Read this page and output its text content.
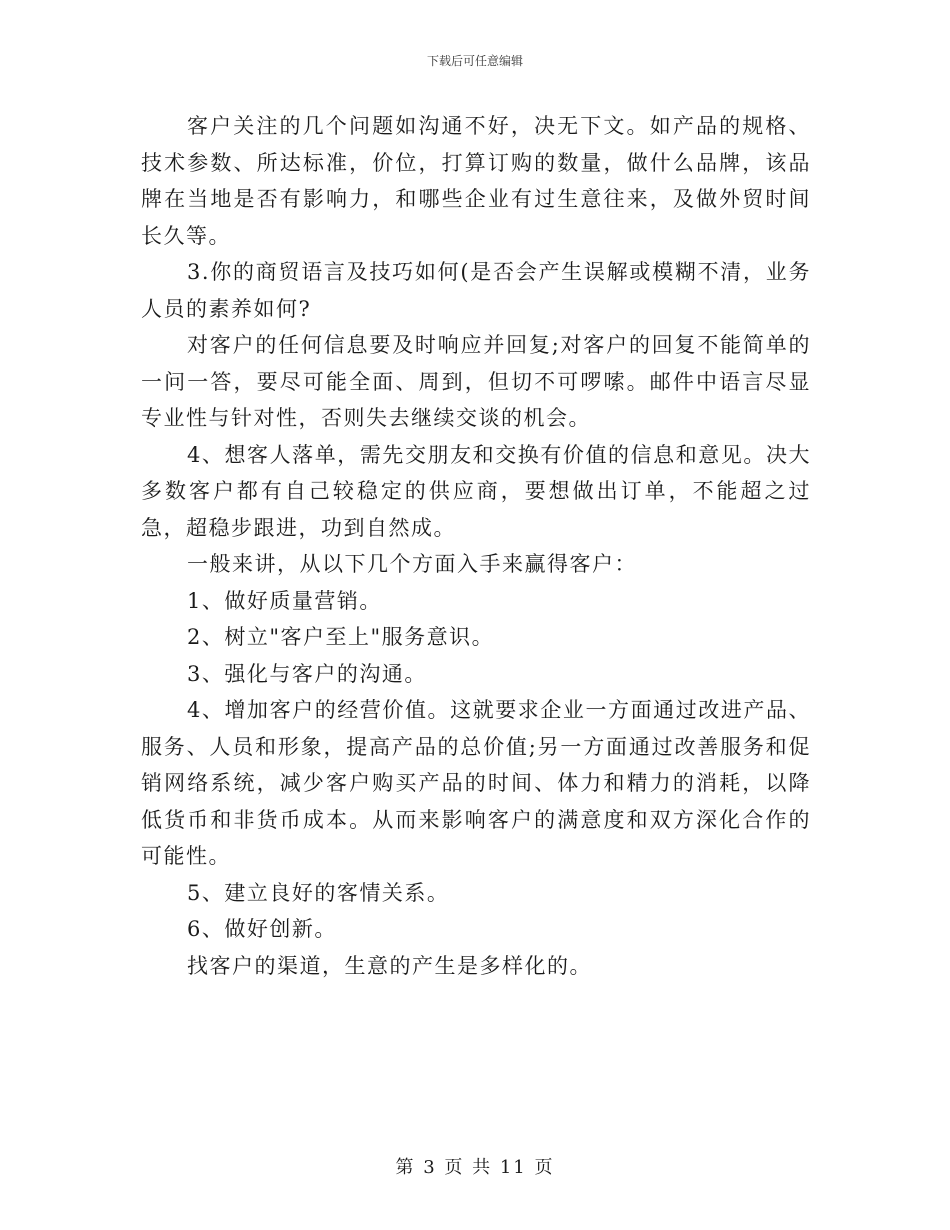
下载后可任意编辑

客户关注的几个问题如沟通不好，决无下文。如产品的规格、技术参数、所达标准，价位，打算订购的数量，做什么品牌，该品牌在当地是否有影响力，和哪些企业有过生意往来，及做外贸时间长久等。

3.你的商贸语言及技巧如何(是否会产生误解或模糊不清，业务人员的素养如何?

对客户的任何信息要及时响应并回复;对客户的回复不能简单的一问一答，要尽可能全面、周到，但切不可啰嗦。邮件中语言尽显专业性与针对性，否则失去继续交谈的机会。

4、想客人落单，需先交朋友和交换有价值的信息和意见。决大多数客户都有自己较稳定的供应商，要想做出订单，不能超之过急，超稳步跟进，功到自然成。

一般来讲，从以下几个方面入手来赢得客户：

1、做好质量营销。

2、树立"客户至上"服务意识。

3、强化与客户的沟通。

4、增加客户的经营价值。这就要求企业一方面通过改进产品、服务、人员和形象，提高产品的总价值;另一方面通过改善服务和促销网络系统，减少客户购买产品的时间、体力和精力的消耗，以降低货币和非货币成本。从而来影响客户的满意度和双方深化合作的可能性。

5、建立良好的客情关系。

6、做好创新。

找客户的渠道，生意的产生是多样化的。

第 3 页 共 11 页
